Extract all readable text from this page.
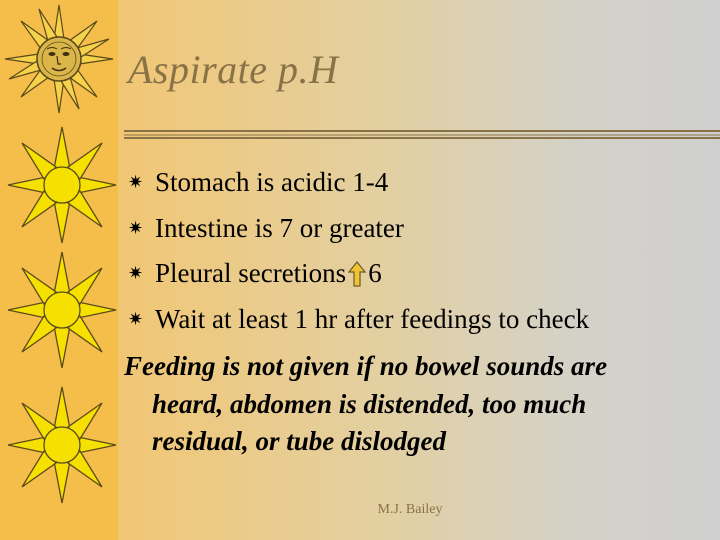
Aspirate p.H
✷ Stomach is acidic 1-4
✷ Intestine is 7 or greater
✷ Pleural secretions 6
✷ Wait at least 1 hr after feedings to check

Feeding is not given if no bowel sounds are
heard, abdomen is distended, too much
residual, or tube dislodged

M.J. Bailey
